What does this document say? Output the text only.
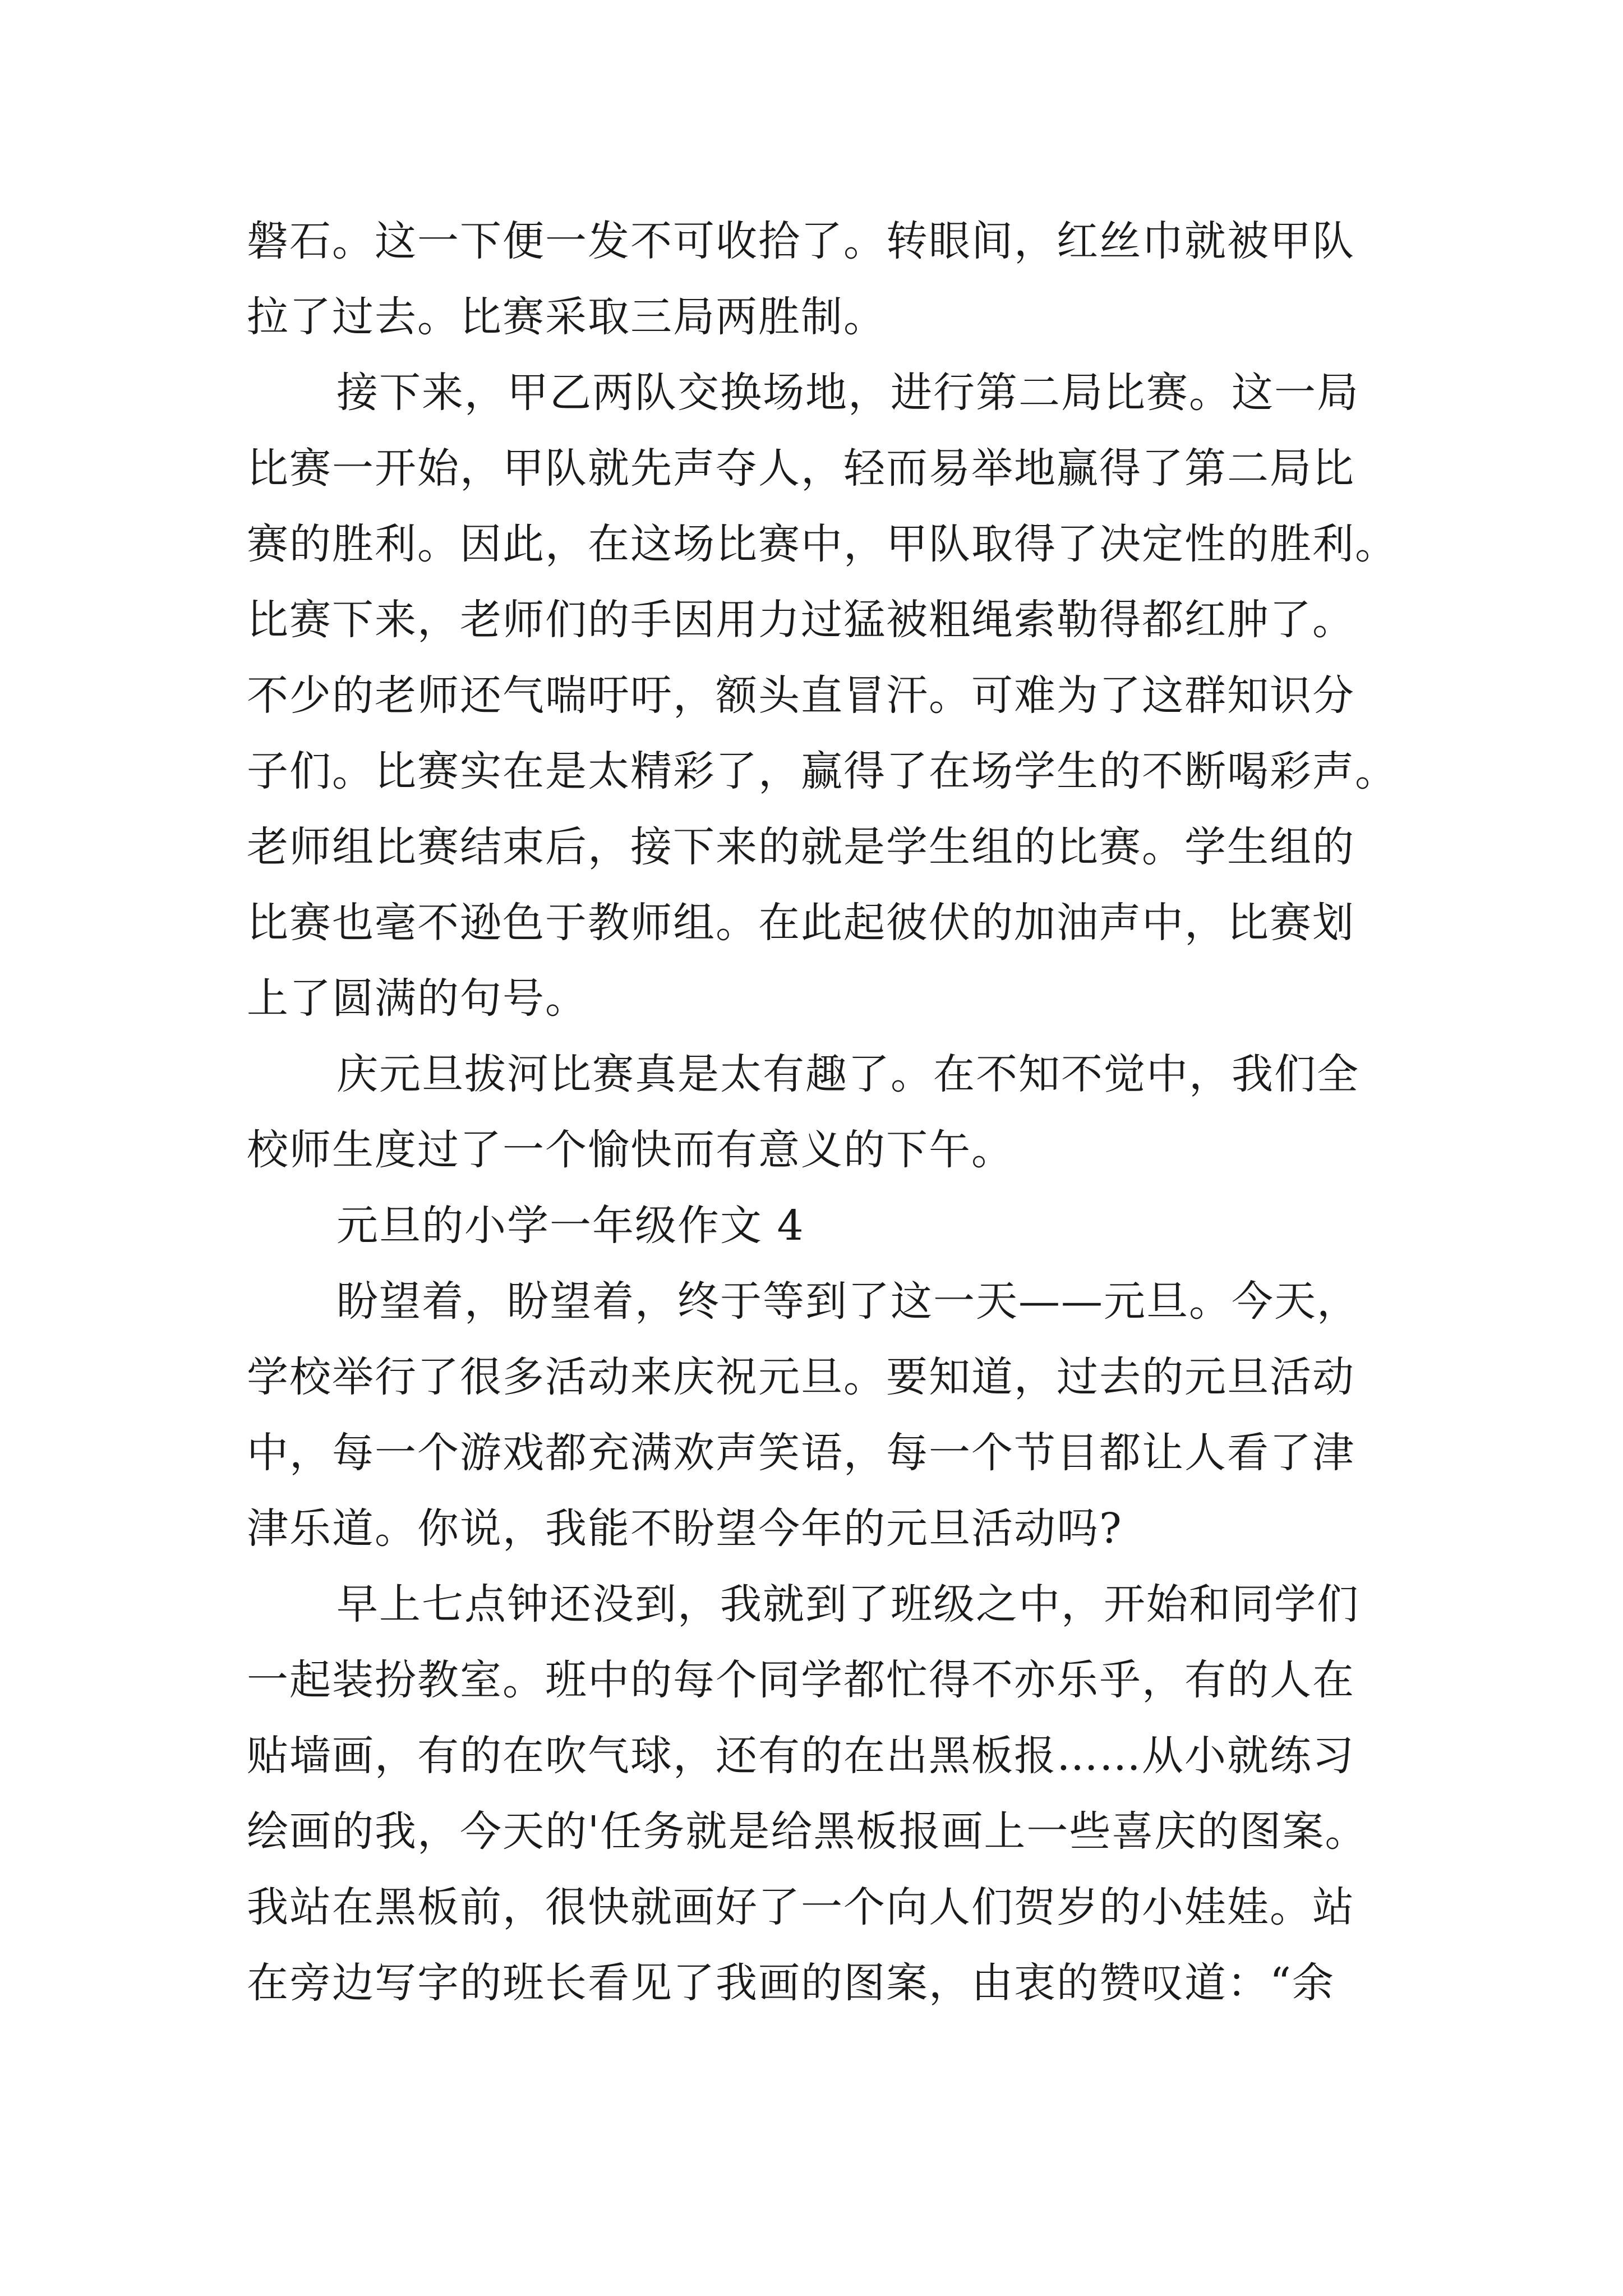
磐石。这一下便一发不可收拾了。转眼间，红丝巾就被甲队
拉了过去。比赛采取三局两胜制。
接下来，甲乙两队交换场地，进行第二局比赛。这一局
比赛一开始，甲队就先声夺人，轻而易举地赢得了第二局比
赛的胜利。因此，在这场比赛中，甲队取得了决定性的胜利。
比赛下来，老师们的手因用力过猛被粗绳索勒得都红肿了。
不少的老师还气喘吁吁，额头直冒汗。可难为了这群知识分
子们。比赛实在是太精彩了，赢得了在场学生的不断喝彩声。
老师组比赛结束后，接下来的就是学生组的比赛。学生组的
比赛也毫不逊色于教师组。在此起彼伏的加油声中，比赛划
上了圆满的句号。
庆元旦拔河比赛真是太有趣了。在不知不觉中，我们全
校师生度过了一个愉快而有意义的下午。
元旦的小学一年级作文 4
盼望着，盼望着，终于等到了这一天——元旦。今天，
学校举行了很多活动来庆祝元旦。要知道，过去的元旦活动
中，每一个游戏都充满欢声笑语，每一个节目都让人看了津
津乐道。你说，我能不盼望今年的元旦活动吗?
早上七点钟还没到，我就到了班级之中，开始和同学们
一起装扮教室。班中的每个同学都忙得不亦乐乎，有的人在
贴墙画，有的在吹气球，还有的在出黑板报……从小就练习
绘画的我，今天的'任务就是给黑板报画上一些喜庆的图案。
我站在黑板前，很快就画好了一个向人们贺岁的小娃娃。站
在旁边写字的班长看见了我画的图案，由衷的赞叹道：“余
